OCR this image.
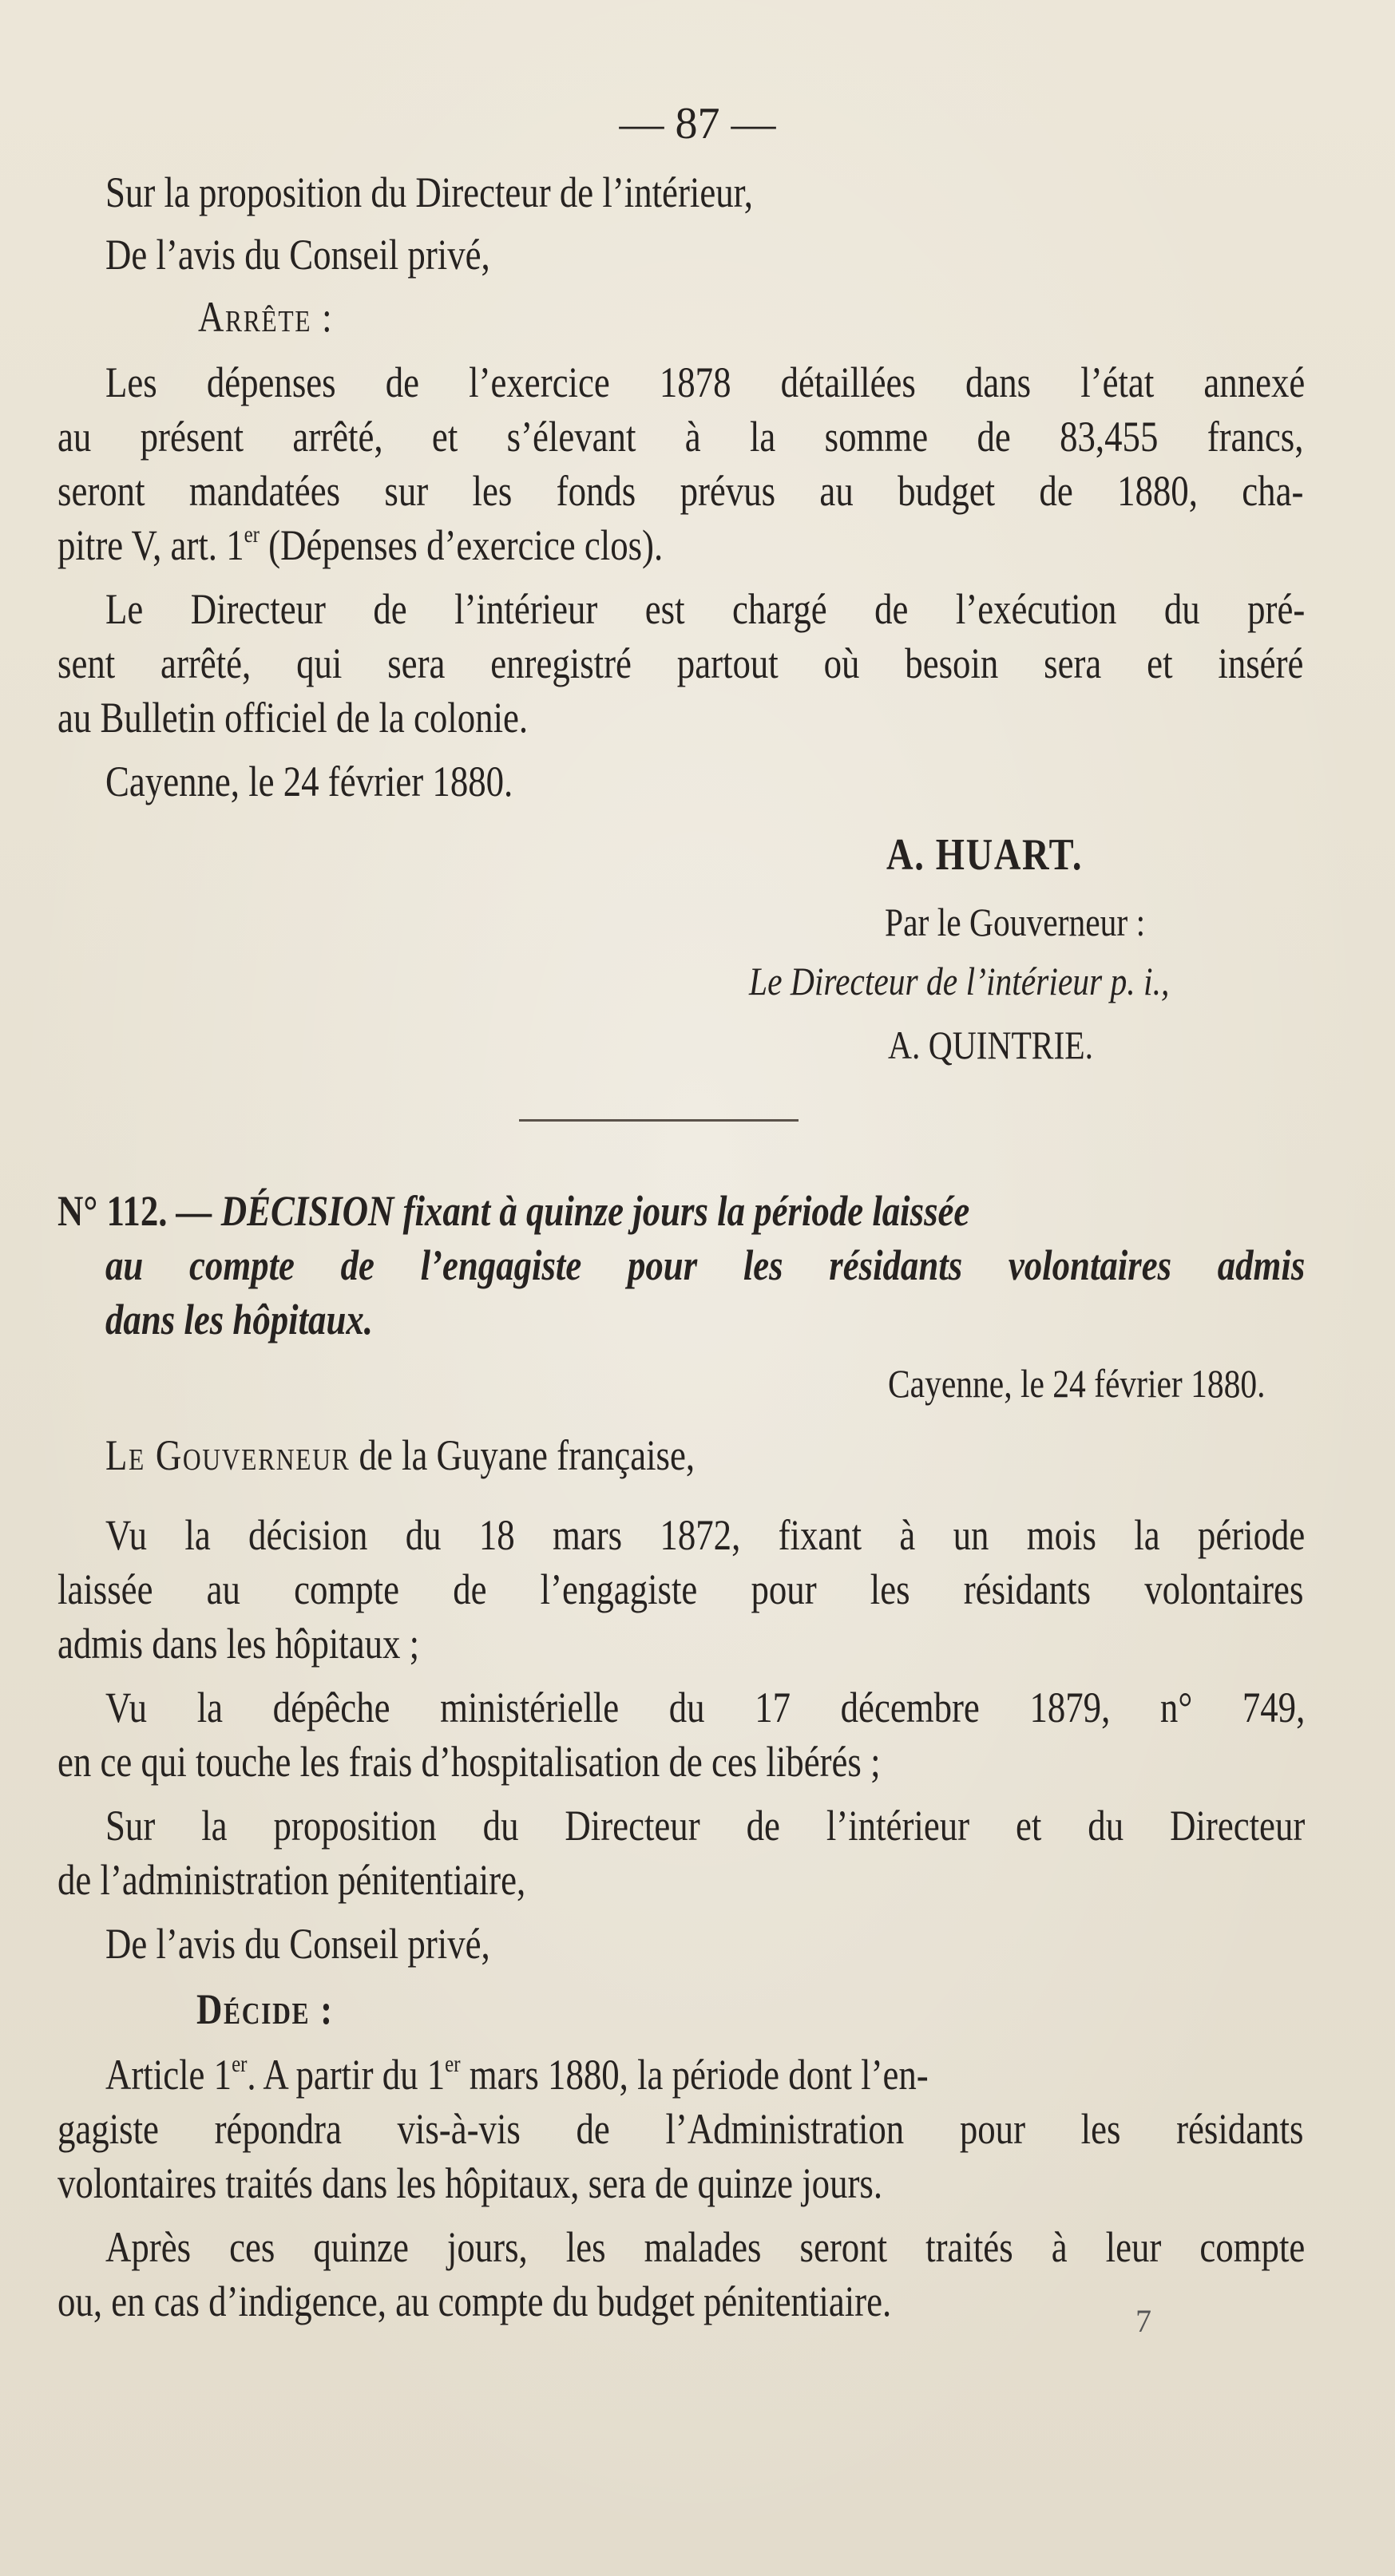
— 87 —
Sur la proposition du Directeur de l’intérieur,
De l’avis du Conseil privé,
Arrête :
Les dépenses de l’exercice 1878 détaillées dans l’état annexé
au présent arrêté, et s’élevant à la somme de 83,455 francs,
seront mandatées sur les fonds prévus au budget de 1880, cha-
pitre V, art. 1er (Dépenses d’exercice clos).
Le Directeur de l’intérieur est chargé de l’exécution du pré-
sent arrêté, qui sera enregistré partout où besoin sera et inséré
au Bulletin officiel de la colonie.
Cayenne, le 24 février 1880.
A. HUART.
Par le Gouverneur :
Le Directeur de l’intérieur p. i.,
A. QUINTRIE.
N° 112. — DÉCISION fixant à quinze jours la période laissée
au compte de l’engagiste pour les résidants volontaires admis
dans les hôpitaux.
Cayenne, le 24 février 1880.
Le Gouverneur de la Guyane française,
Vu la décision du 18 mars 1872, fixant à un mois la période
laissée au compte de l’engagiste pour les résidants volontaires
admis dans les hôpitaux ;
Vu la dépêche ministérielle du 17 décembre 1879, n° 749,
en ce qui touche les frais d’hospitalisation de ces libérés ;
Sur la proposition du Directeur de l’intérieur et du Directeur
de l’administration pénitentiaire,
De l’avis du Conseil privé,
Décide :
Article 1er. A partir du 1er mars 1880, la période dont l’en-
gagiste répondra vis-à-vis de l’Administration pour les résidants
volontaires traités dans les hôpitaux, sera de quinze jours.
Après ces quinze jours, les malades seront traités à leur compte
ou, en cas d’indigence, au compte du budget pénitentiaire.	7
